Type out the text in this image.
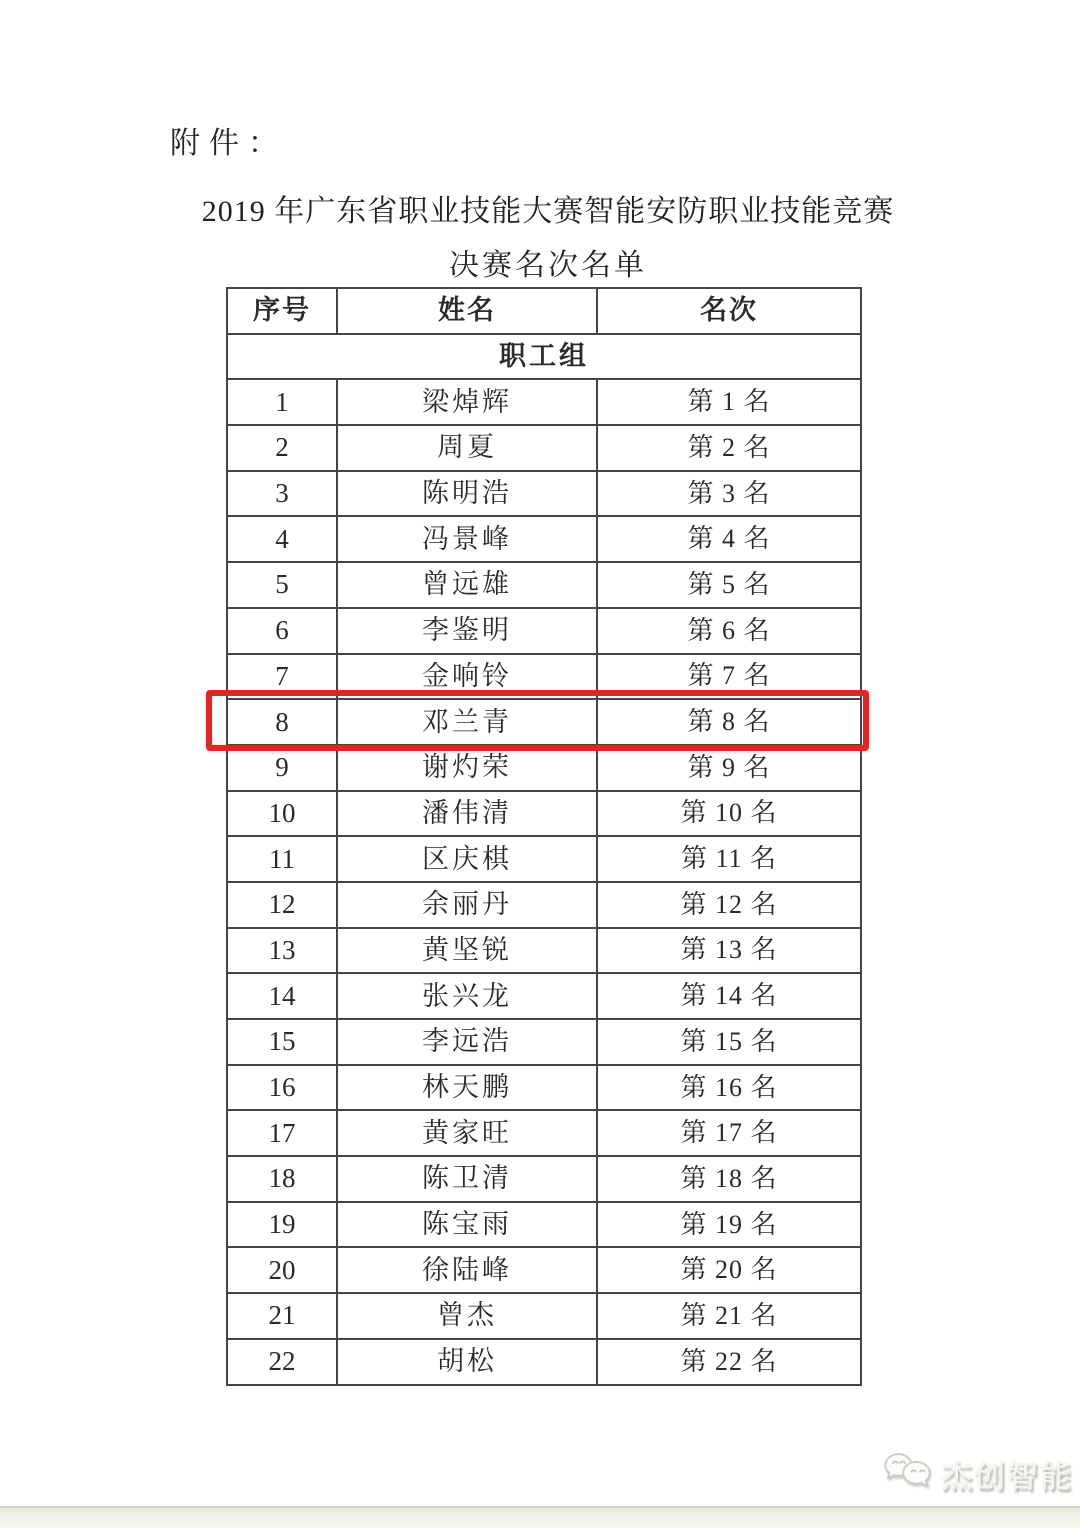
附件：
2019 年广东省职业技能大赛智能安防职业技能竞赛
决赛名次名单
序号	姓名	名次
职工组		
1	梁焯辉	第 1 名
2	周夏	第 2 名
3	陈明浩	第 3 名
4	冯景峰	第 4 名
5	曾远雄	第 5 名
6	李鉴明	第 6 名
7	金响铃	第 7 名
8	邓兰青	第 8 名
9	谢灼荣	第 9 名
10	潘伟清	第 10 名
11	区庆棋	第 11 名
12	余丽丹	第 12 名
13	黄坚锐	第 13 名
14	张兴龙	第 14 名
15	李远浩	第 15 名
16	林天鹏	第 16 名
17	黄家旺	第 17 名
18	陈卫清	第 18 名
19	陈宝雨	第 19 名
20	徐陆峰	第 20 名
21	曾杰	第 21 名
22	胡松	第 22 名
杰创智能
